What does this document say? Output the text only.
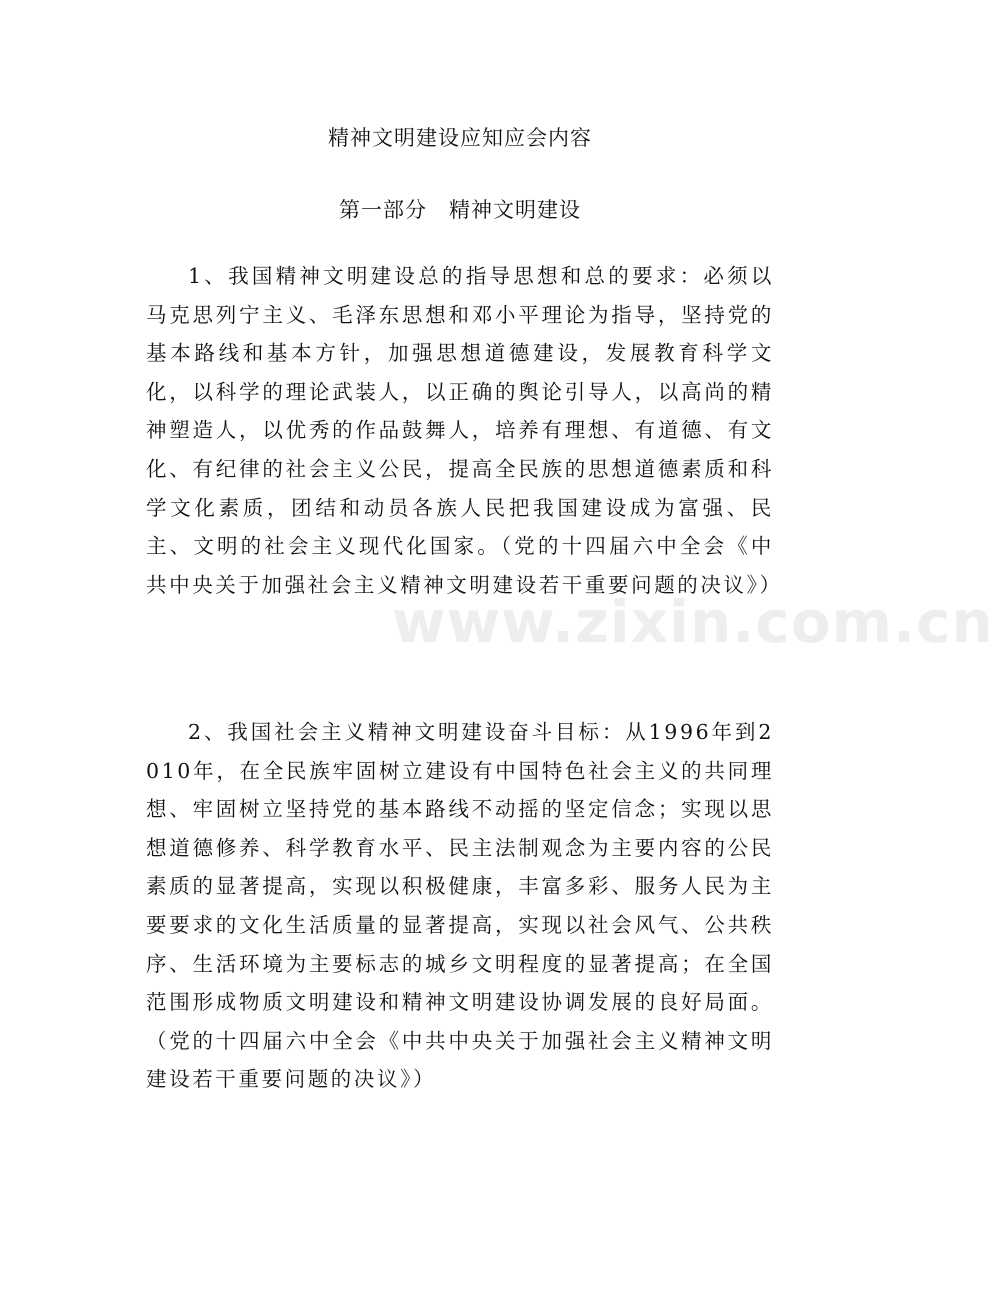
精神文明建设应知应会内容
第一部分 精神文明建设

1、我国精神文明建设总的指导思想和总的要求：必须以马克思列宁主义、毛泽东思想和邓小平理论为指导，坚持党的基本路线和基本方针，加强思想道德建设，发展教育科学文化，以科学的理论武装人，以正确的舆论引导人，以高尚的精神塑造人，以优秀的作品鼓舞人，培养有理想、有道德、有文化、有纪律的社会主义公民，提高全民族的思想道德素质和科学文化素质，团结和动员各族人民把我国建设成为富强、民主、文明的社会主义现代化国家。（党的十四届六中全会《中共中央关于加强社会主义精神文明建设若干重要问题的决议》）

2、我国社会主义精神文明建设奋斗目标：从1996年到2010年，在全民族牢固树立建设有中国特色社会主义的共同理想、牢固树立坚持党的基本路线不动摇的坚定信念；实现以思想道德修养、科学教育水平、民主法制观念为主要内容的公民素质的显著提高，实现以积极健康，丰富多彩、服务人民为主要要求的文化生活质量的显著提高，实现以社会风气、公共秩序、生活环境为主要标志的城乡文明程度的显著提高；在全国范围形成物质文明建设和精神文明建设协调发展的良好局面。（党的十四届六中全会《中共中央关于加强社会主义精神文明建设若干重要问题的决议》）

www.zixin.com.cn
